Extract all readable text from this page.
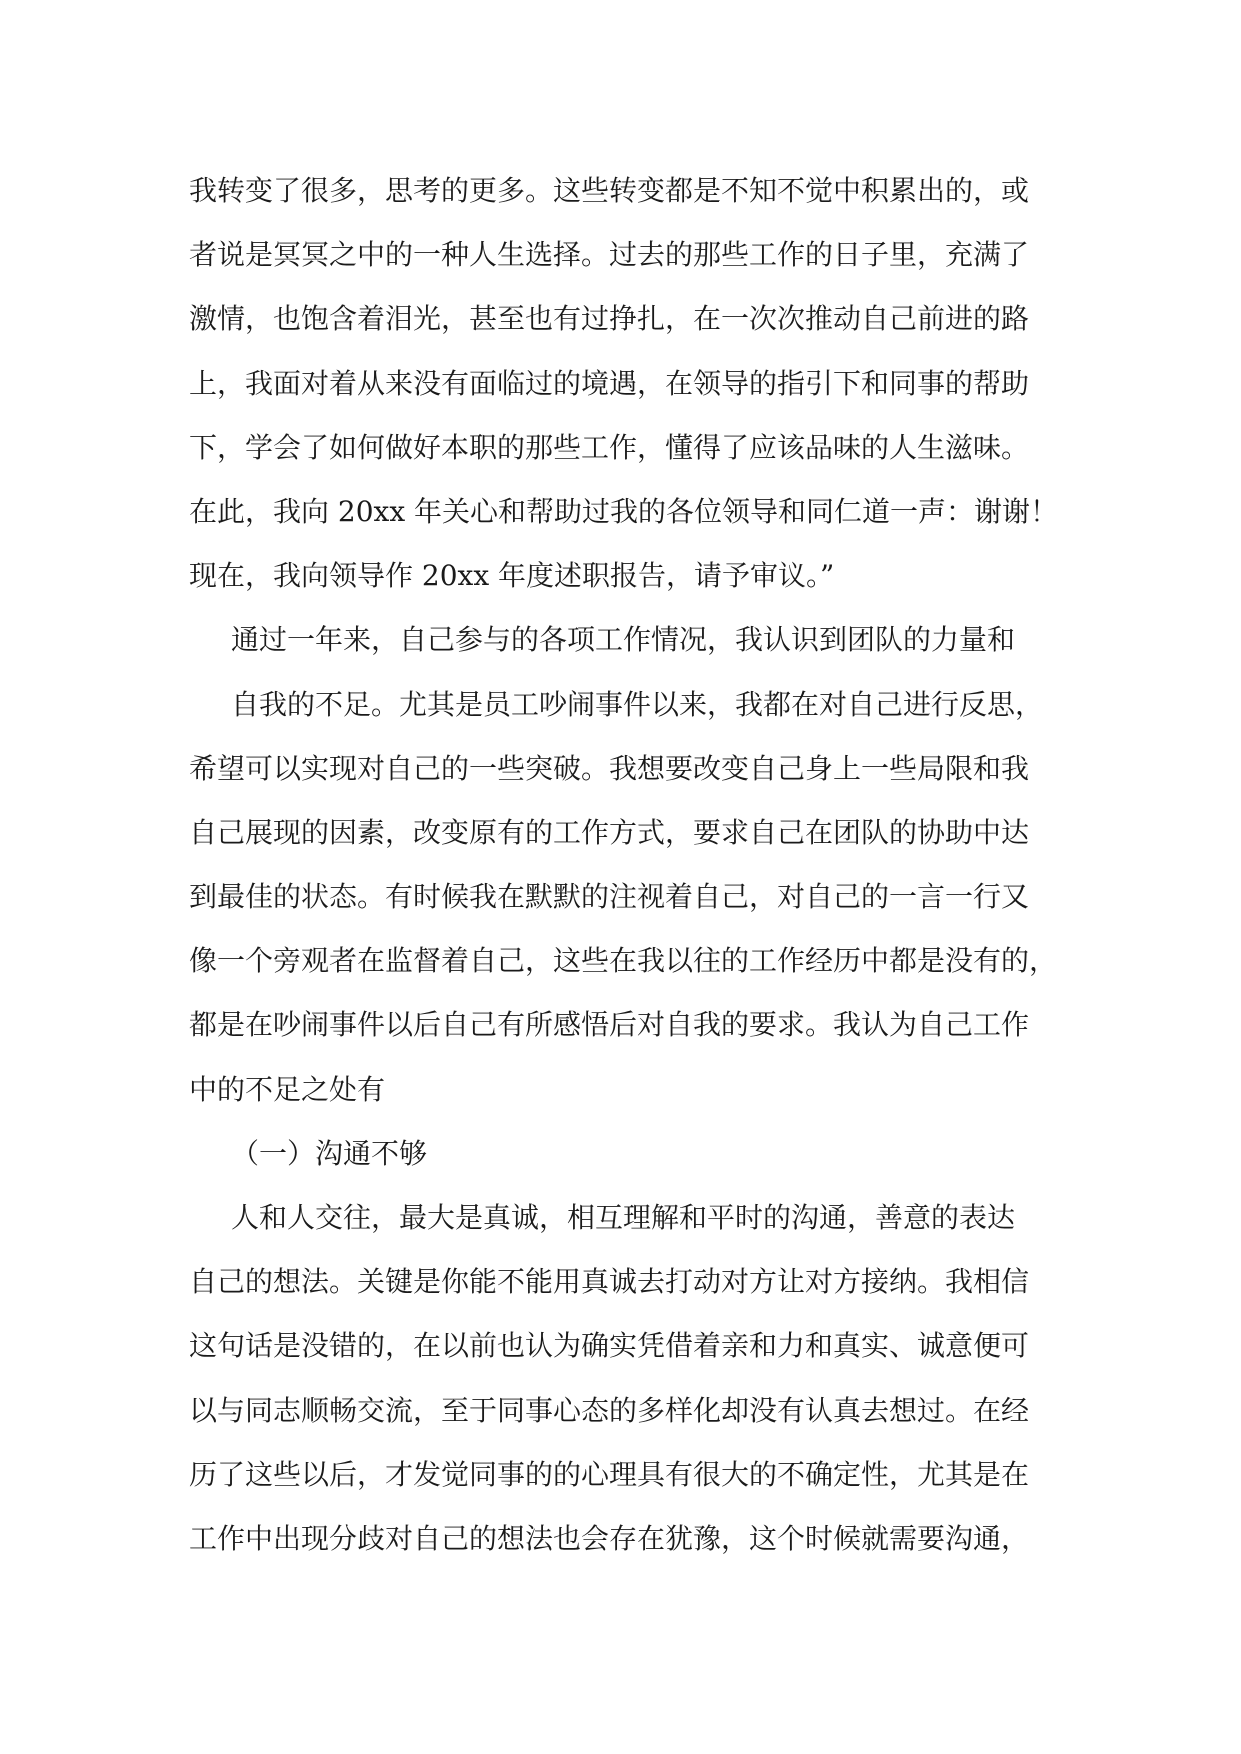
我转变了很多，思考的更多。这些转变都是不知不觉中积累出的，或
者说是冥冥之中的一种人生选择。过去的那些工作的日子里，充满了
激情，也饱含着泪光，甚至也有过挣扎，在一次次推动自己前进的路
上，我面对着从来没有面临过的境遇，在领导的指引下和同事的帮助
下，学会了如何做好本职的那些工作，懂得了应该品味的人生滋味。
在此，我向 20xx 年关心和帮助过我的各位领导和同仁道一声：谢谢！
现在，我向领导作 20xx 年度述职报告，请予审议。”
通过一年来，自己参与的各项工作情况，我认识到团队的力量和
自我的不足。尤其是员工吵闹事件以来，我都在对自己进行反思，
希望可以实现对自己的一些突破。我想要改变自己身上一些局限和我
自己展现的因素，改变原有的工作方式，要求自己在团队的协助中达
到最佳的状态。有时候我在默默的注视着自己，对自己的一言一行又
像一个旁观者在监督着自己，这些在我以往的工作经历中都是没有的，
都是在吵闹事件以后自己有所感悟后对自我的要求。我认为自己工作
中的不足之处有
（一）沟通不够
人和人交往，最大是真诚，相互理解和平时的沟通，善意的表达
自己的想法。关键是你能不能用真诚去打动对方让对方接纳。我相信
这句话是没错的，在以前也认为确实凭借着亲和力和真实、诚意便可
以与同志顺畅交流，至于同事心态的多样化却没有认真去想过。在经
历了这些以后，才发觉同事的的心理具有很大的不确定性，尤其是在
工作中出现分歧对自己的想法也会存在犹豫，这个时候就需要沟通，
